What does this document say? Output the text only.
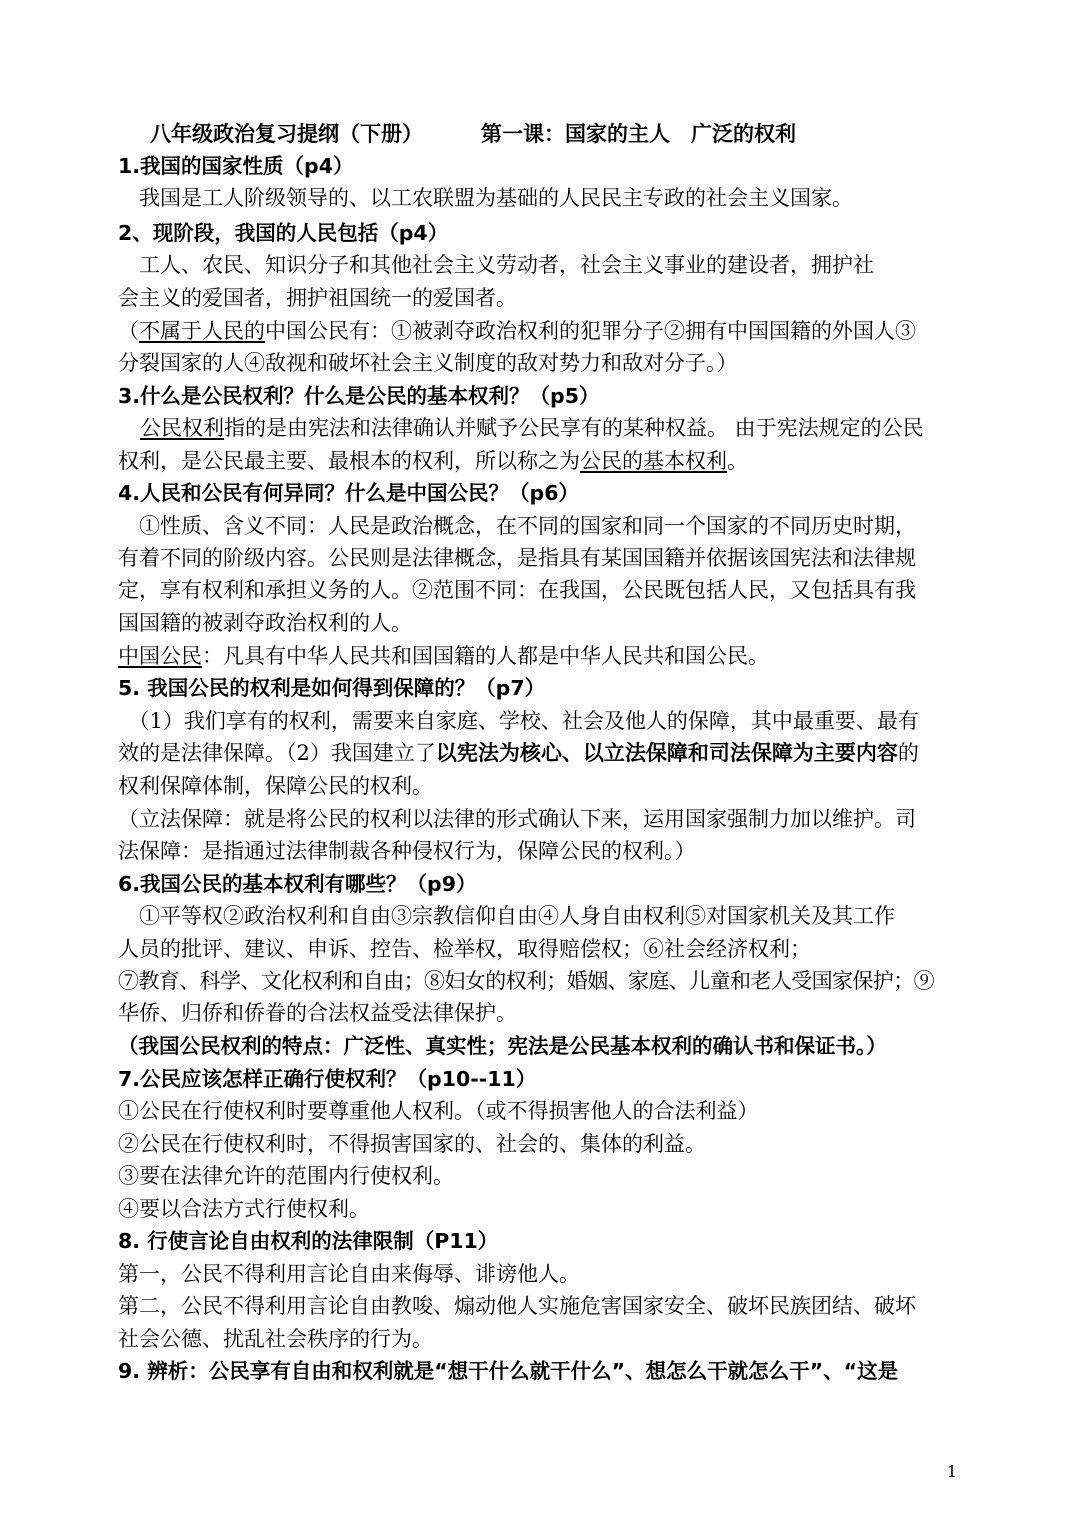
八年级政治复习提纲（下册）	第一课：国家的主人　广泛的权利
1.我国的国家性质（p4）
　我国是工人阶级领导的、以工农联盟为基础的人民民主专政的社会主义国家。
2、现阶段，我国的人民包括（p4）
　工人、农民、知识分子和其他社会主义劳动者，社会主义事业的建设者，拥护社
会主义的爱国者，拥护祖国统一的爱国者。
（不属于人民的中国公民有：①被剥夺政治权利的犯罪分子②拥有中国国籍的外国人③
分裂国家的人④敌视和破坏社会主义制度的敌对势力和敌对分子。）
3.什么是公民权利？什么是公民的基本权利？（p5）
公民权利指的是由宪法和法律确认并赋予公民享有的某种权益。 由于宪法规定的公民
权利，是公民最主要、最根本的权利，所以称之为公民的基本权利。
4.人民和公民有何异同？什么是中国公民？（p6）
　①性质、含义不同：人民是政治概念，在不同的国家和同一个国家的不同历史时期，
有着不同的阶级内容。公民则是法律概念，是指具有某国国籍并依据该国宪法和法律规
定，享有权利和承担义务的人。②范围不同：在我国，公民既包括人民，又包括具有我
国国籍的被剥夺政治权利的人。
中国公民：凡具有中华人民共和国国籍的人都是中华人民共和国公民。
5. 我国公民的权利是如何得到保障的？（p7）
　（1）我们享有的权利，需要来自家庭、学校、社会及他人的保障，其中最重要、最有
效的是法律保障。（2）我国建立了以宪法为核心、以立法保障和司法保障为主要内容的
权利保障体制，保障公民的权利。
（立法保障：就是将公民的权利以法律的形式确认下来，运用国家强制力加以维护。司
法保障：是指通过法律制裁各种侵权行为，保障公民的权利。）
6.我国公民的基本权利有哪些？（p9）
　①平等权②政治权利和自由③宗教信仰自由④人身自由权利⑤对国家机关及其工作
人员的批评、建议、申诉、控告、检举权，取得赔偿权；⑥社会经济权利；
⑦教育、科学、文化权利和自由；⑧妇女的权利；婚姻、家庭、儿童和老人受国家保护；⑨
华侨、归侨和侨眷的合法权益受法律保护。
（我国公民权利的特点：广泛性、真实性；宪法是公民基本权利的确认书和保证书。）
7.公民应该怎样正确行使权利？（p10--11）
①公民在行使权利时要尊重他人权利。（或不得损害他人的合法利益）
②公民在行使权利时，不得损害国家的、社会的、集体的利益。
③要在法律允许的范围内行使权利。
④要以合法方式行使权利。
8. 行使言论自由权利的法律限制（P11）
第一，公民不得利用言论自由来侮辱、诽谤他人。
第二，公民不得利用言论自由教唆、煽动他人实施危害国家安全、破坏民族团结、破坏
社会公德、扰乱社会秩序的行为。
9. 辨析：公民享有自由和权利就是“想干什么就干什么”、想怎么干就怎么干”、“这是
1
